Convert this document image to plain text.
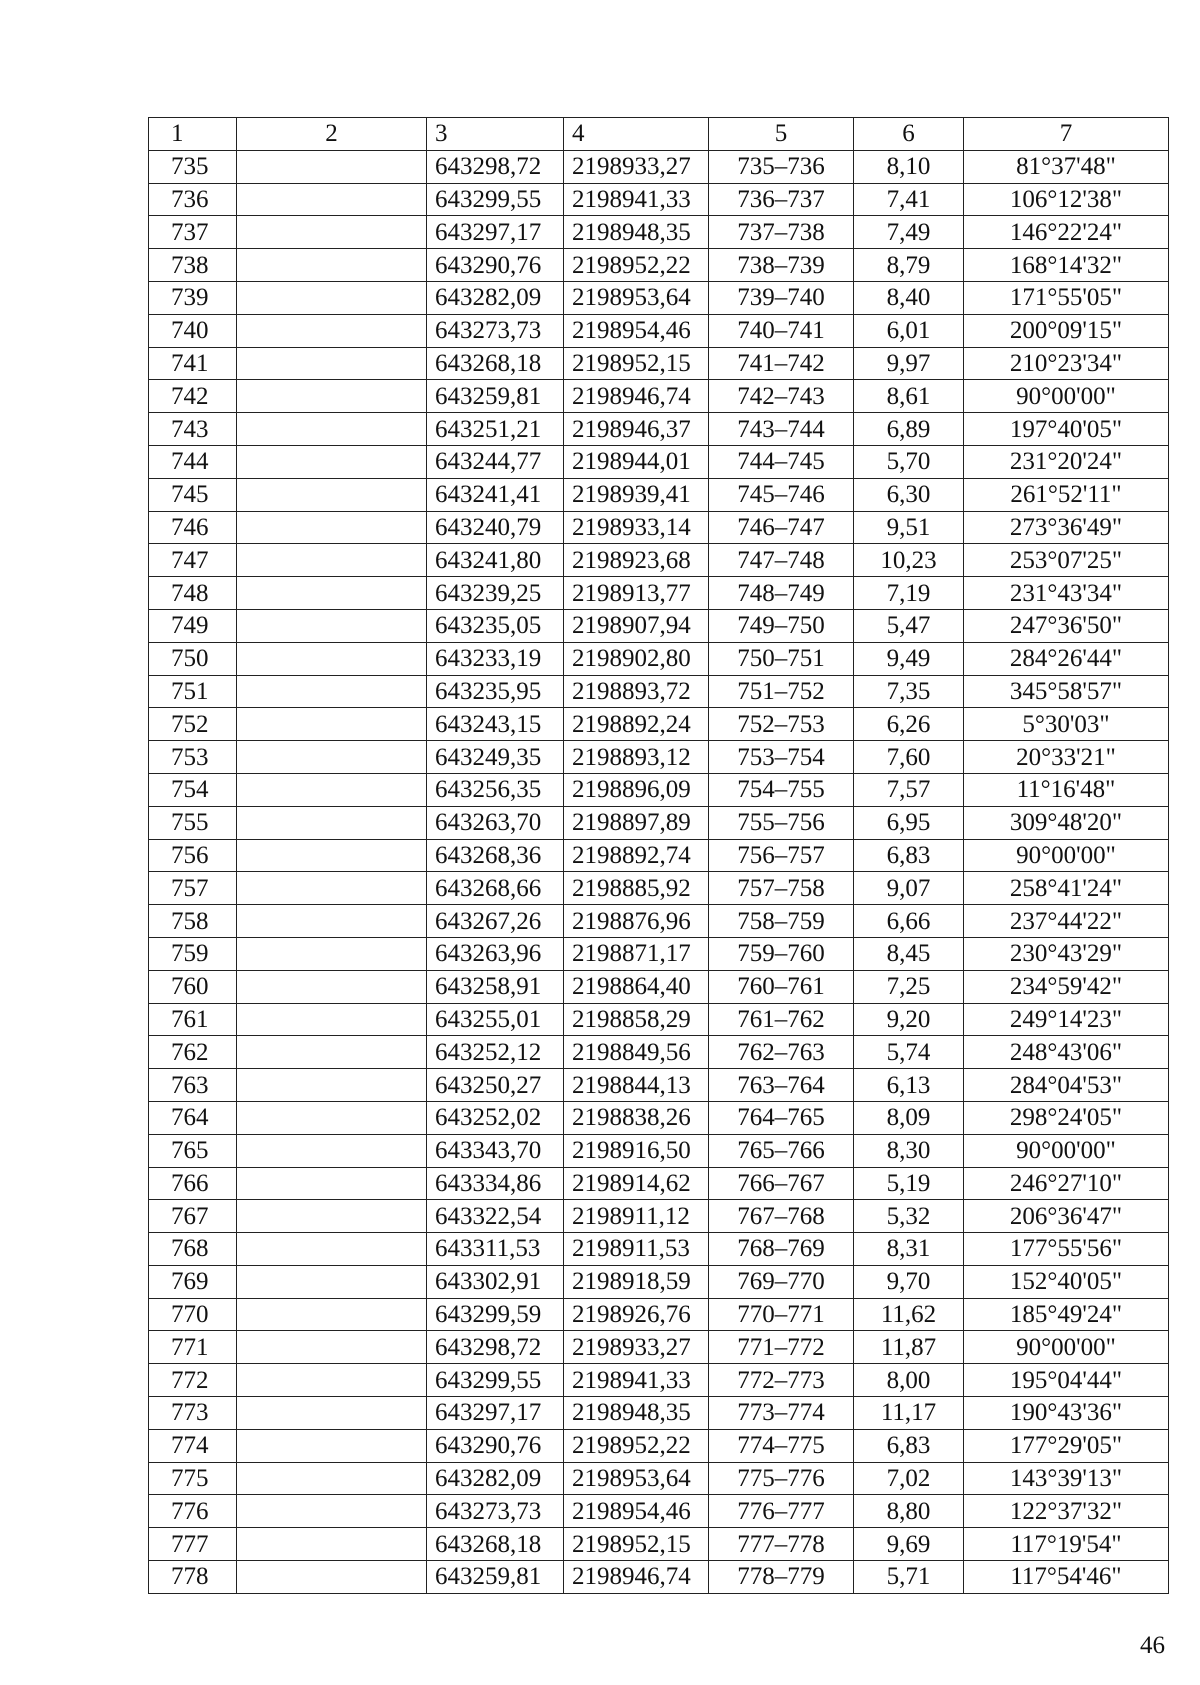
1	2	3	4	5	6	7
735		643298,72	2198933,27	735–736	8,10	81°37'48"
736		643299,55	2198941,33	736–737	7,41	106°12'38"
737		643297,17	2198948,35	737–738	7,49	146°22'24"
738		643290,76	2198952,22	738–739	8,79	168°14'32"
739		643282,09	2198953,64	739–740	8,40	171°55'05"
740		643273,73	2198954,46	740–741	6,01	200°09'15"
741		643268,18	2198952,15	741–742	9,97	210°23'34"
742		643259,81	2198946,74	742–743	8,61	90°00'00"
743		643251,21	2198946,37	743–744	6,89	197°40'05"
744		643244,77	2198944,01	744–745	5,70	231°20'24"
745		643241,41	2198939,41	745–746	6,30	261°52'11"
746		643240,79	2198933,14	746–747	9,51	273°36'49"
747		643241,80	2198923,68	747–748	10,23	253°07'25"
748		643239,25	2198913,77	748–749	7,19	231°43'34"
749		643235,05	2198907,94	749–750	5,47	247°36'50"
750		643233,19	2198902,80	750–751	9,49	284°26'44"
751		643235,95	2198893,72	751–752	7,35	345°58'57"
752		643243,15	2198892,24	752–753	6,26	5°30'03"
753		643249,35	2198893,12	753–754	7,60	20°33'21"
754		643256,35	2198896,09	754–755	7,57	11°16'48"
755		643263,70	2198897,89	755–756	6,95	309°48'20"
756		643268,36	2198892,74	756–757	6,83	90°00'00"
757		643268,66	2198885,92	757–758	9,07	258°41'24"
758		643267,26	2198876,96	758–759	6,66	237°44'22"
759		643263,96	2198871,17	759–760	8,45	230°43'29"
760		643258,91	2198864,40	760–761	7,25	234°59'42"
761		643255,01	2198858,29	761–762	9,20	249°14'23"
762		643252,12	2198849,56	762–763	5,74	248°43'06"
763		643250,27	2198844,13	763–764	6,13	284°04'53"
764		643252,02	2198838,26	764–765	8,09	298°24'05"
765		643343,70	2198916,50	765–766	8,30	90°00'00"
766		643334,86	2198914,62	766–767	5,19	246°27'10"
767		643322,54	2198911,12	767–768	5,32	206°36'47"
768		643311,53	2198911,53	768–769	8,31	177°55'56"
769		643302,91	2198918,59	769–770	9,70	152°40'05"
770		643299,59	2198926,76	770–771	11,62	185°49'24"
771		643298,72	2198933,27	771–772	11,87	90°00'00"
772		643299,55	2198941,33	772–773	8,00	195°04'44"
773		643297,17	2198948,35	773–774	11,17	190°43'36"
774		643290,76	2198952,22	774–775	6,83	177°29'05"
775		643282,09	2198953,64	775–776	7,02	143°39'13"
776		643273,73	2198954,46	776–777	8,80	122°37'32"
777		643268,18	2198952,15	777–778	9,69	117°19'54"
778		643259,81	2198946,74	778–779	5,71	117°54'46"
46
